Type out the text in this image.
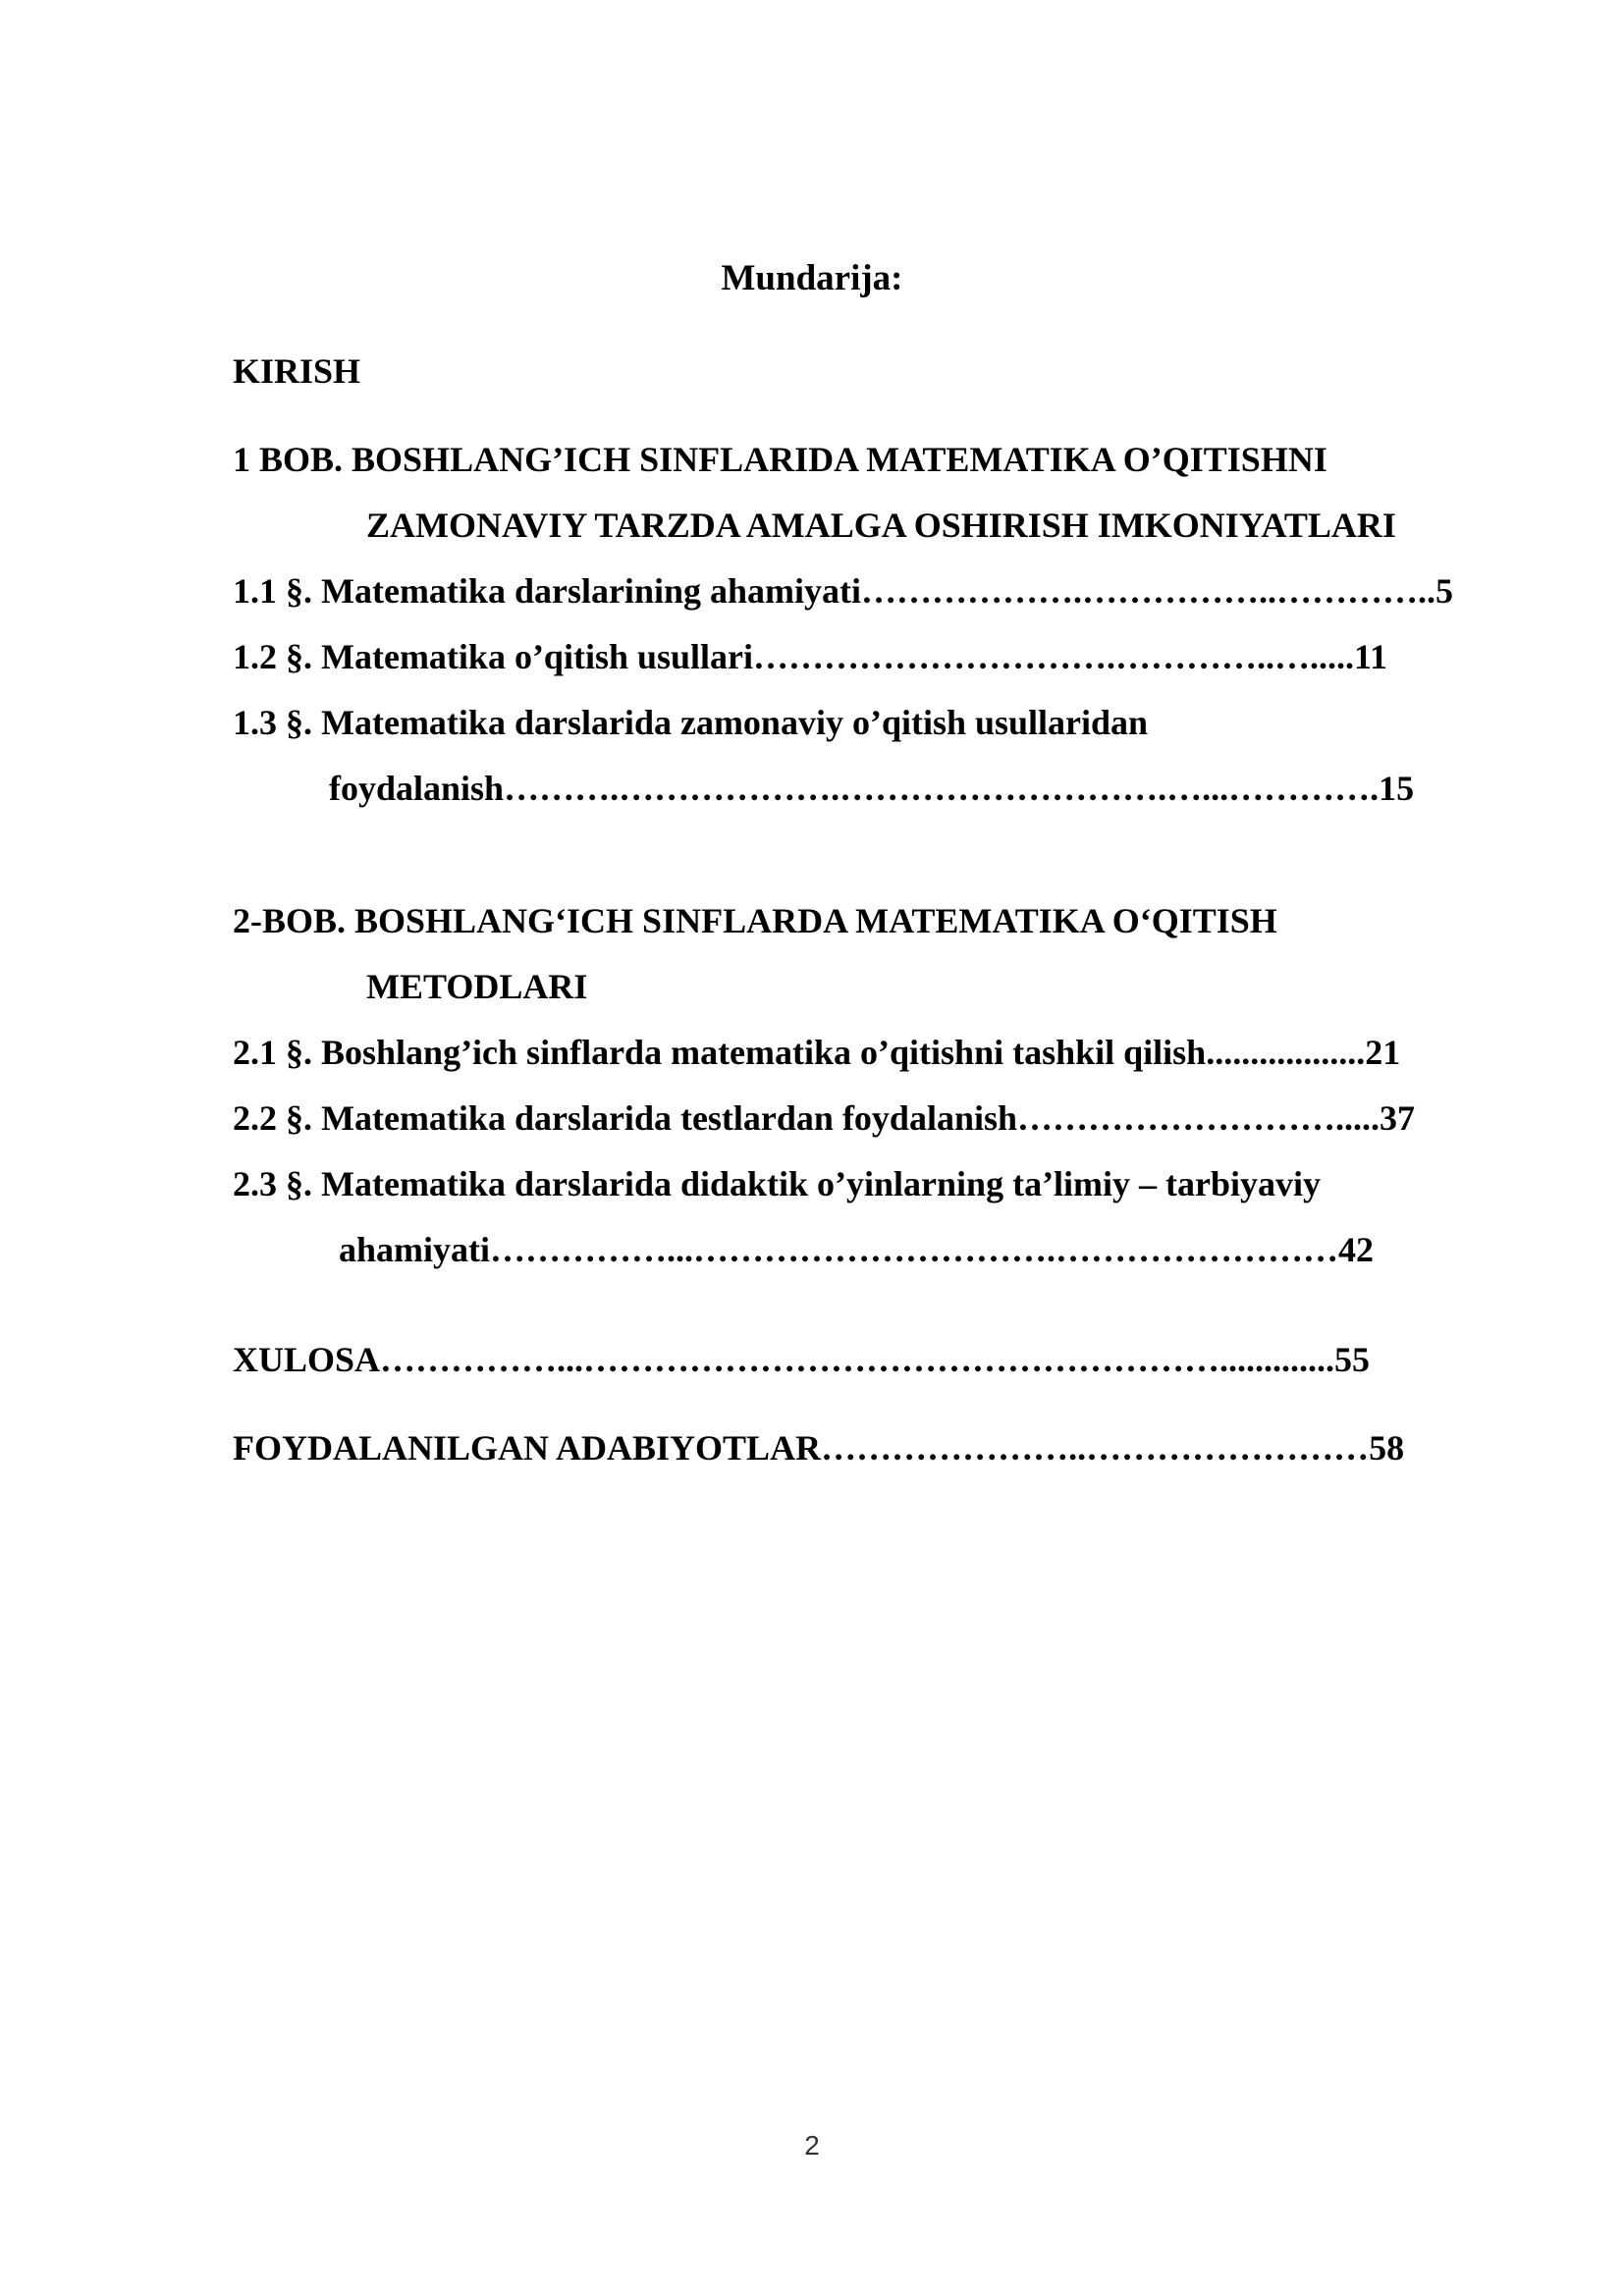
Mundarija:
KIRISH
1 BOB. BOSHLANG’ICH SINFLARIDA MATEMATIKA O’QITISHNI
ZAMONAVIY TARZDA AMALGA OSHIRISH IMKONIYATLARI
1.1 §. Matematika darslarining ahamiyati……………….……………..…………..5
1.2 §. Matematika o’qitish usullari………………………….…………..….....11
1.3 §. Matematika darslarida zamonaviy o’qitish usullaridan
foydalanish……….……………….……………………….…...………….15
2-BOB. BOSHLANG‘ICH SINFLARDA MATEMATIKA O‘QITISH
METODLARI
2.1 §. Boshlang’ich sinflarda matematika o’qitishni tashkil qilish..................21
2.2 §. Matematika darslarida testlardan foydalanish……………………….....37
2.3 §. Matematika darslarida didaktik o’yinlarning ta’limiy – tarbiyaviy
ahamiyati……………...………………………….……………………42
XULOSA……………...……………………………………………….............55
FOYDALANILGAN ADABIYOTLAR…………………..……………………58
2
